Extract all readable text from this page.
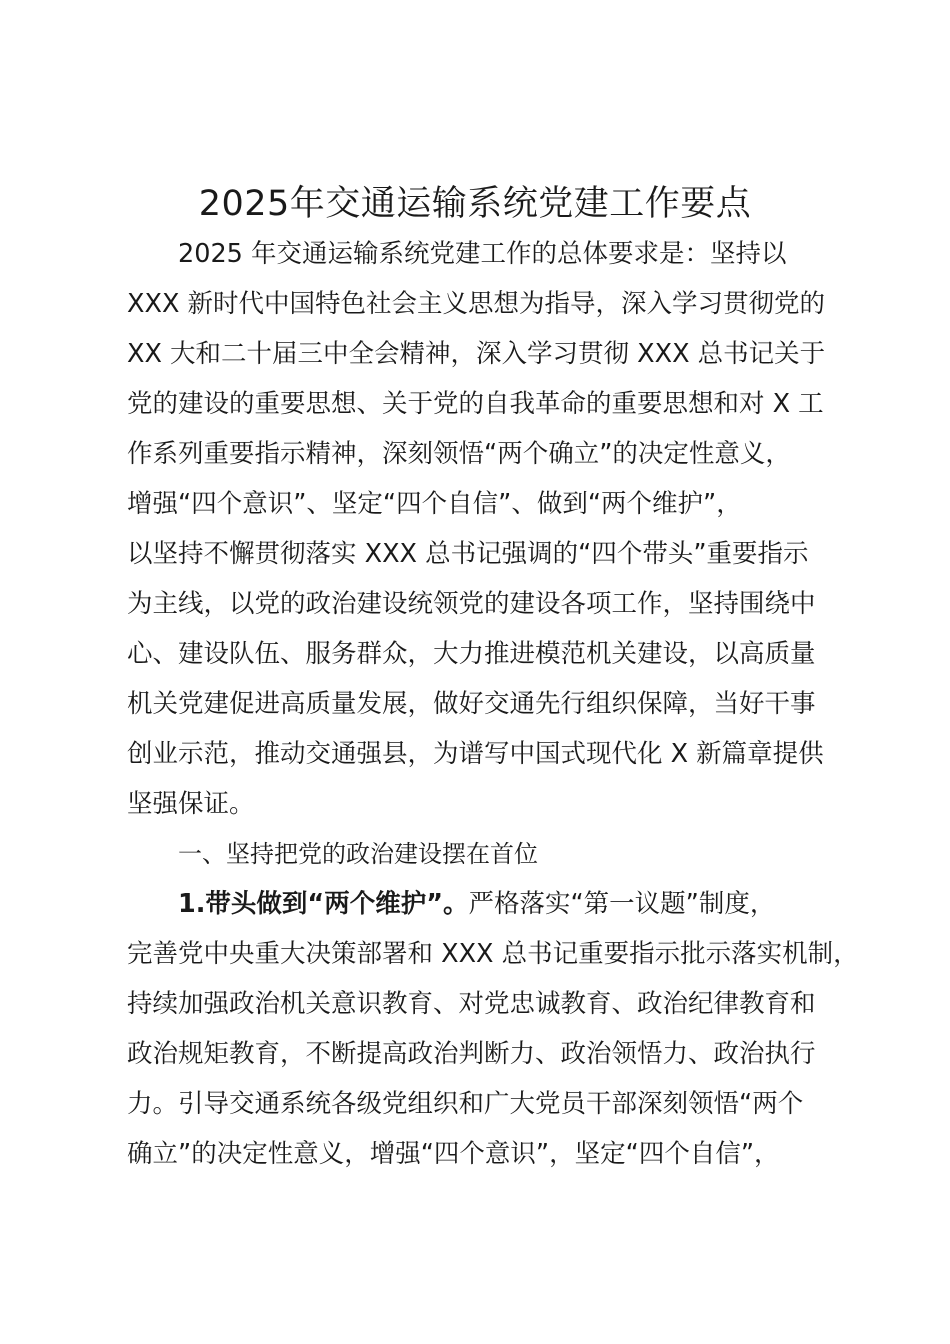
2025年交通运输系统党建工作要点
2025 年交通运输系统党建工作的总体要求是：坚持以
XXX 新时代中国特色社会主义思想为指导，深入学习贯彻党的
XX 大和二十届三中全会精神，深入学习贯彻 XXX 总书记关于
党的建设的重要思想、关于党的自我革命的重要思想和对 X 工
作系列重要指示精神，深刻领悟“两个确立”的决定性意义，
增强“四个意识”、坚定“四个自信”、做到“两个维护”，
以坚持不懈贯彻落实 XXX 总书记强调的“四个带头”重要指示
为主线，以党的政治建设统领党的建设各项工作，坚持围绕中
心、建设队伍、服务群众，大力推进模范机关建设，以高质量
机关党建促进高质量发展，做好交通先行组织保障，当好干事
创业示范，推动交通强县，为谱写中国式现代化 X 新篇章提供
坚强保证。
一、坚持把党的政治建设摆在首位
1.带头做到“两个维护”。严格落实“第一议题”制度，
完善党中央重大决策部署和 XXX 总书记重要指示批示落实机制，
持续加强政治机关意识教育、对党忠诚教育、政治纪律教育和
政治规矩教育，不断提高政治判断力、政治领悟力、政治执行
力。引导交通系统各级党组织和广大党员干部深刻领悟“两个
确立”的决定性意义，增强“四个意识”，坚定“四个自信”，
